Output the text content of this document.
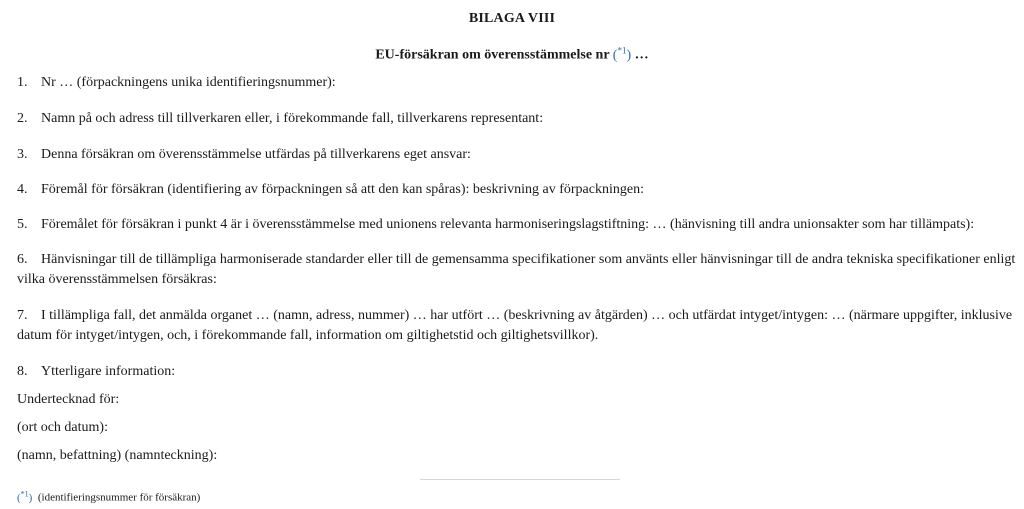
BILAGA VIII
EU-försäkran om överensstämmelse nr ($^{*1}$) …
1. Nr … (förpackningens unika identifieringsnummer):
2. Namn på och adress till tillverkaren eller, i förekommande fall, tillverkarens representant:
3. Denna försäkran om överensstämmelse utfärdas på tillverkarens eget ansvar:
4. Föremål för försäkran (identifiering av förpackningen så att den kan spåras): beskrivning av förpackningen:
5. Föremålet för försäkran i punkt 4 är i överensstämmelse med unionens relevanta harmoniseringslagstiftning: … (hänvisning till andra unionsakter som har tillämpats):
6. Hänvisningar till de tillämpliga harmoniserade standarder eller till de gemensamma specifikationer som använts eller hänvisningar till de andra tekniska specifikationer enligt vilka överensstämmelsen försäkras:
7. I tillämpliga fall, det anmälda organet … (namn, adress, nummer) … har utfört … (beskrivning av åtgärden) … och utfärdat intyget/intygen: … (närmare uppgifter, inklusive datum för intyget/intygen, och, i förekommande fall, information om giltighetstid och giltighetsvillkor).
8. Ytterligare information:
Undertecknad för:
(ort och datum):
(namn, befattning) (namnteckning):
($^{*1}$) (identifieringsnummer för försäkran)
